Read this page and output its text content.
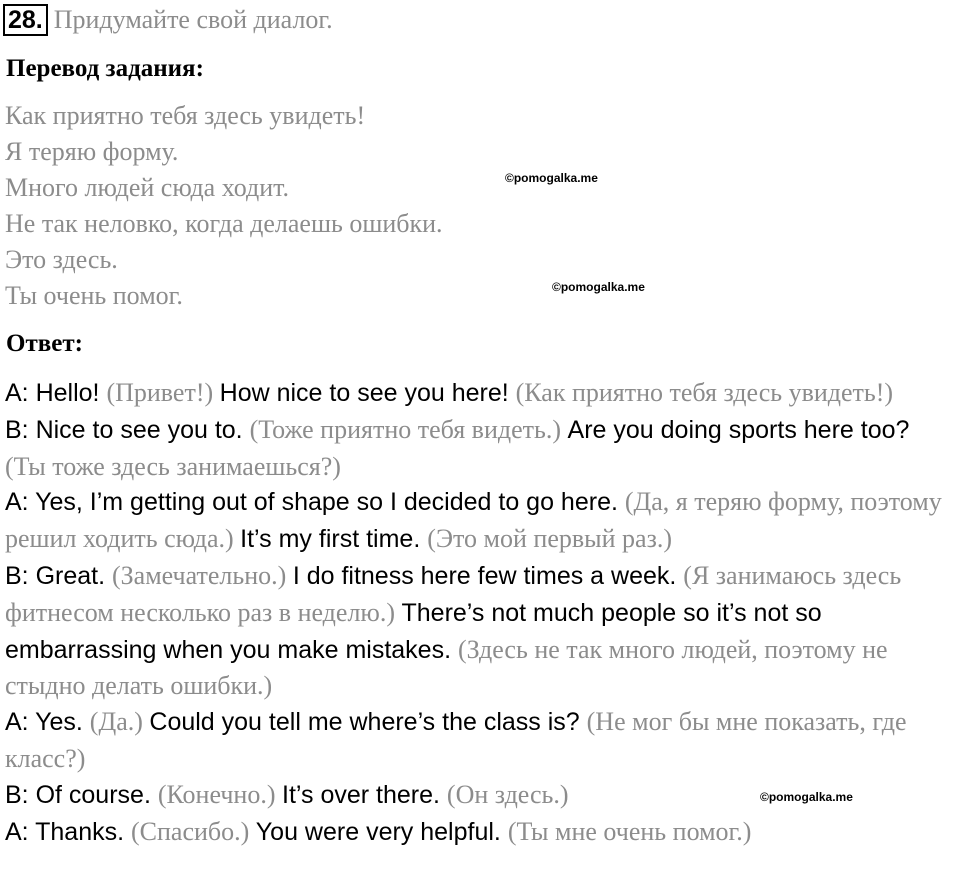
28. Придумайте свой диалог.
Перевод задания:
Как приятно тебя здесь увидеть!
Я теряю форму.
Много людей сюда ходит.
Не так неловко, когда делаешь ошибки.
Это здесь.
Ты очень помог.
©pomogalka.me
©pomogalka.me
Ответ:

A: Hello! (Привет!) How nice to see you here! (Как приятно тебя здесь увидеть!)

B: Nice to see you to. (Тоже приятно тебя видеть.) Are you doing sports here too? (Ты тоже здесь занимаешься?)

A: Yes, I’m getting out of shape so I decided to go here. (Да, я теряю форму, поэтому решил ходить сюда.) It’s my first time. (Это мой первый раз.)

B: Great. (Замечательно.) I do fitness here few times a week. (Я занимаюсь здесь фитнесом несколько раз в неделю.) There’s not much people so it’s not so embarrassing when you make mistakes. (Здесь не так много людей, поэтому не стыдно делать ошибки.)

A: Yes. (Да.) Could you tell me where’s the class is? (Не мог бы мне показать, где класс?)

B: Of course. (Конечно.) It’s over there. (Он здесь.)

A: Thanks. (Спасибо.) You were very helpful. (Ты мне очень помог.)

©pomogalka.me
